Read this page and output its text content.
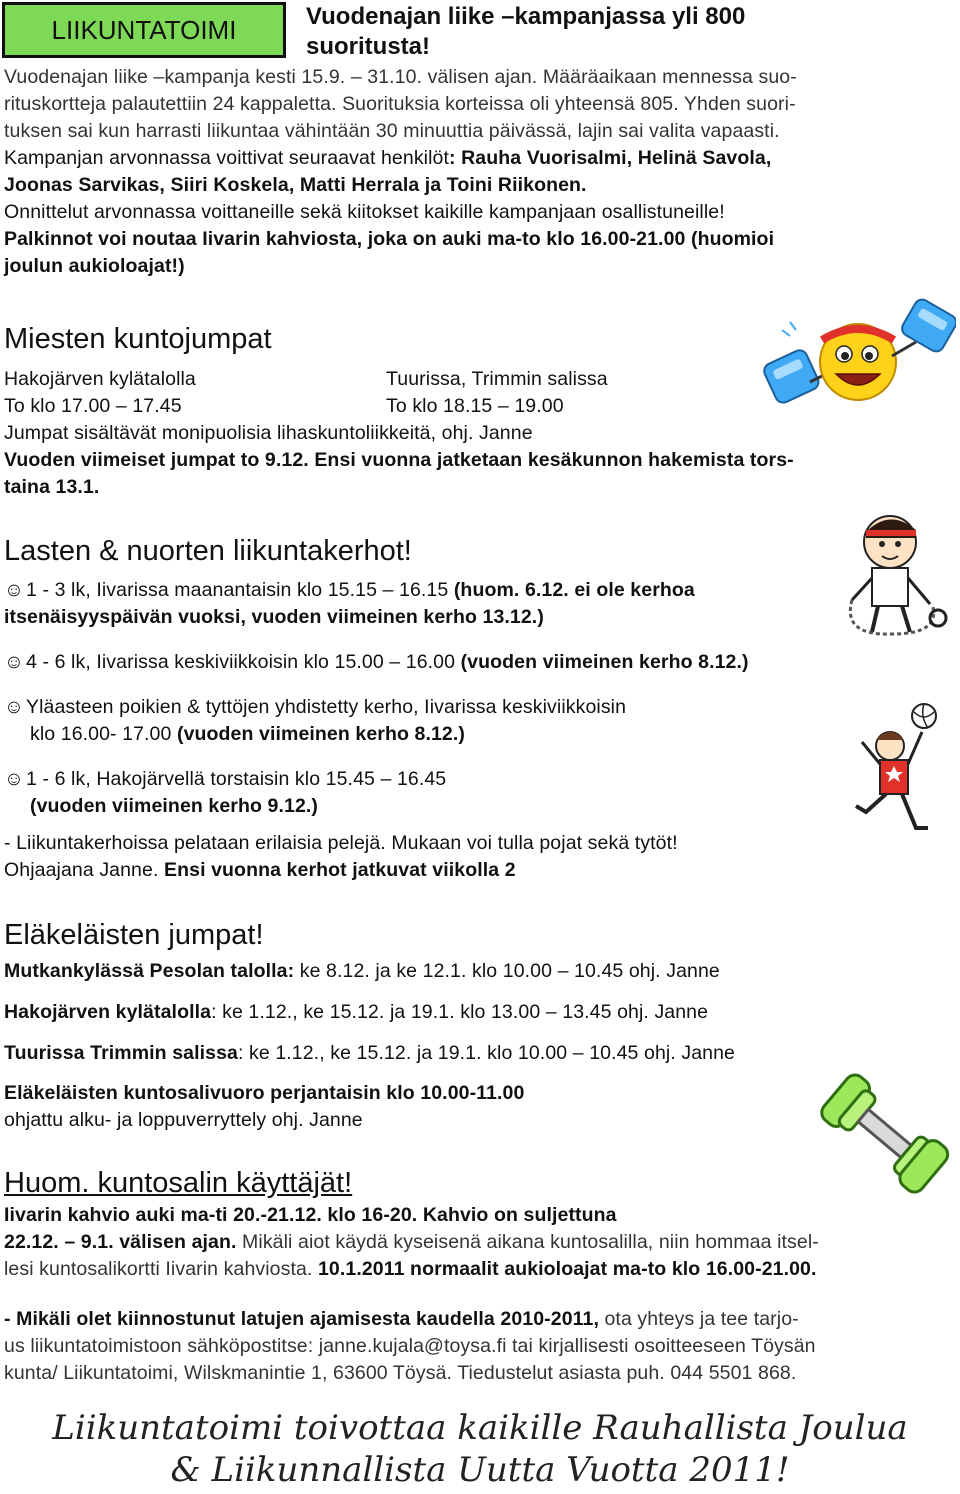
LIIKUNTATOIMI	Vuodenajan liike –kampanjassa yli 800
suoritusta!
Vuodenajan liike –kampanja kesti 15.9. – 31.10. välisen ajan. Määräaikaan mennessa suo-
rituskortteja palautettiin 24 kappaletta. Suorituksia korteissa oli yhteensä 805. Yhden suori-
tuksen sai kun harrasti liikuntaa vähintään 30 minuuttia päivässä, lajin sai valita vapaasti.
Kampanjan arvonnassa voittivat seuraavat henkilöt: Rauha Vuorisalmi, Helinä Savola,
Joonas Sarvikas, Siiri Koskela, Matti Herrala ja Toini Riikonen.
Onnittelut arvonnassa voittaneille sekä kiitokset kaikille kampanjaan osallistuneille!
Palkinnot voi noutaa Iivarin kahviosta, joka on auki ma-to klo 16.00-21.00 (huomioi
joulun aukioloajat!)
Miesten kuntojumpat
Hakojärven kylätalolla	Tuurissa, Trimmin salissa
To klo 17.00 – 17.45	To klo 18.15 – 19.00
Jumpat sisältävät monipuolisia lihaskuntoliikkeitä, ohj. Janne
Vuoden viimeiset jumpat to 9.12. Ensi vuonna jatketaan kesäkunnon hakemista tors-
taina 13.1.
Lasten & nuorten liikuntakerhot!
☺ 1 - 3 lk, Iivarissa maanantaisin klo 15.15 – 16.15 (huom. 6.12. ei ole kerhoa
itsenäisyyspäivän vuoksi, vuoden viimeinen kerho 13.12.)
☺ 4 - 6 lk, Iivarissa keskiviikkoisin klo 15.00 – 16.00 (vuoden viimeinen kerho 8.12.)
☺ Yläasteen poikien & tyttöjen yhdistetty kerho, Iivarissa keskiviikkoisin
klo 16.00- 17.00 (vuoden viimeinen kerho 8.12.)
☺ 1 - 6 lk, Hakojärvellä torstaisin klo 15.45 – 16.45
(vuoden viimeinen kerho 9.12.)
- Liikuntakerhoissa pelataan erilaisia pelejä. Mukaan voi tulla pojat sekä tytöt!
Ohjaajana Janne. Ensi vuonna kerhot jatkuvat viikolla 2
Eläkeläisten jumpat!
Mutkankylässä Pesolan talolla: ke 8.12. ja ke 12.1. klo 10.00 – 10.45 ohj. Janne
Hakojärven kylätalolla: ke 1.12., ke 15.12. ja 19.1. klo 13.00 – 13.45 ohj. Janne
Tuurissa Trimmin salissa: ke 1.12., ke 15.12. ja 19.1. klo 10.00 – 10.45 ohj. Janne
Eläkeläisten kuntosalivuoro perjantaisin klo 10.00-11.00
ohjattu alku- ja loppuverryttely ohj. Janne
Huom. kuntosalin käyttäjät!
Iivarin kahvio auki ma-ti 20.-21.12. klo 16-20. Kahvio on suljettuna
22.12. – 9.1. välisen ajan. Mikäli aiot käydä kyseisenä aikana kuntosalilla, niin hommaa itsel-
lesi kuntosalikortti Iivarin kahviosta. 10.1.2011 normaalit aukioloajat ma-to klo 16.00-21.00.
- Mikäli olet kiinnostunut latujen ajamisesta kaudella 2010-2011, ota yhteys ja tee tarjo-
us liikuntatoimistoon sähköpostitse: janne.kujala@toysa.fi tai kirjallisesti osoitteeseen Töysän
kunta/ Liikuntatoimi, Wilskmanintie 1, 63600 Töysä. Tiedustelut asiasta puh. 044 5501 868.
Liikuntatoimi toivottaa kaikille Rauhallista Joulua
& Liikunnallista Uutta Vuotta 2011!
